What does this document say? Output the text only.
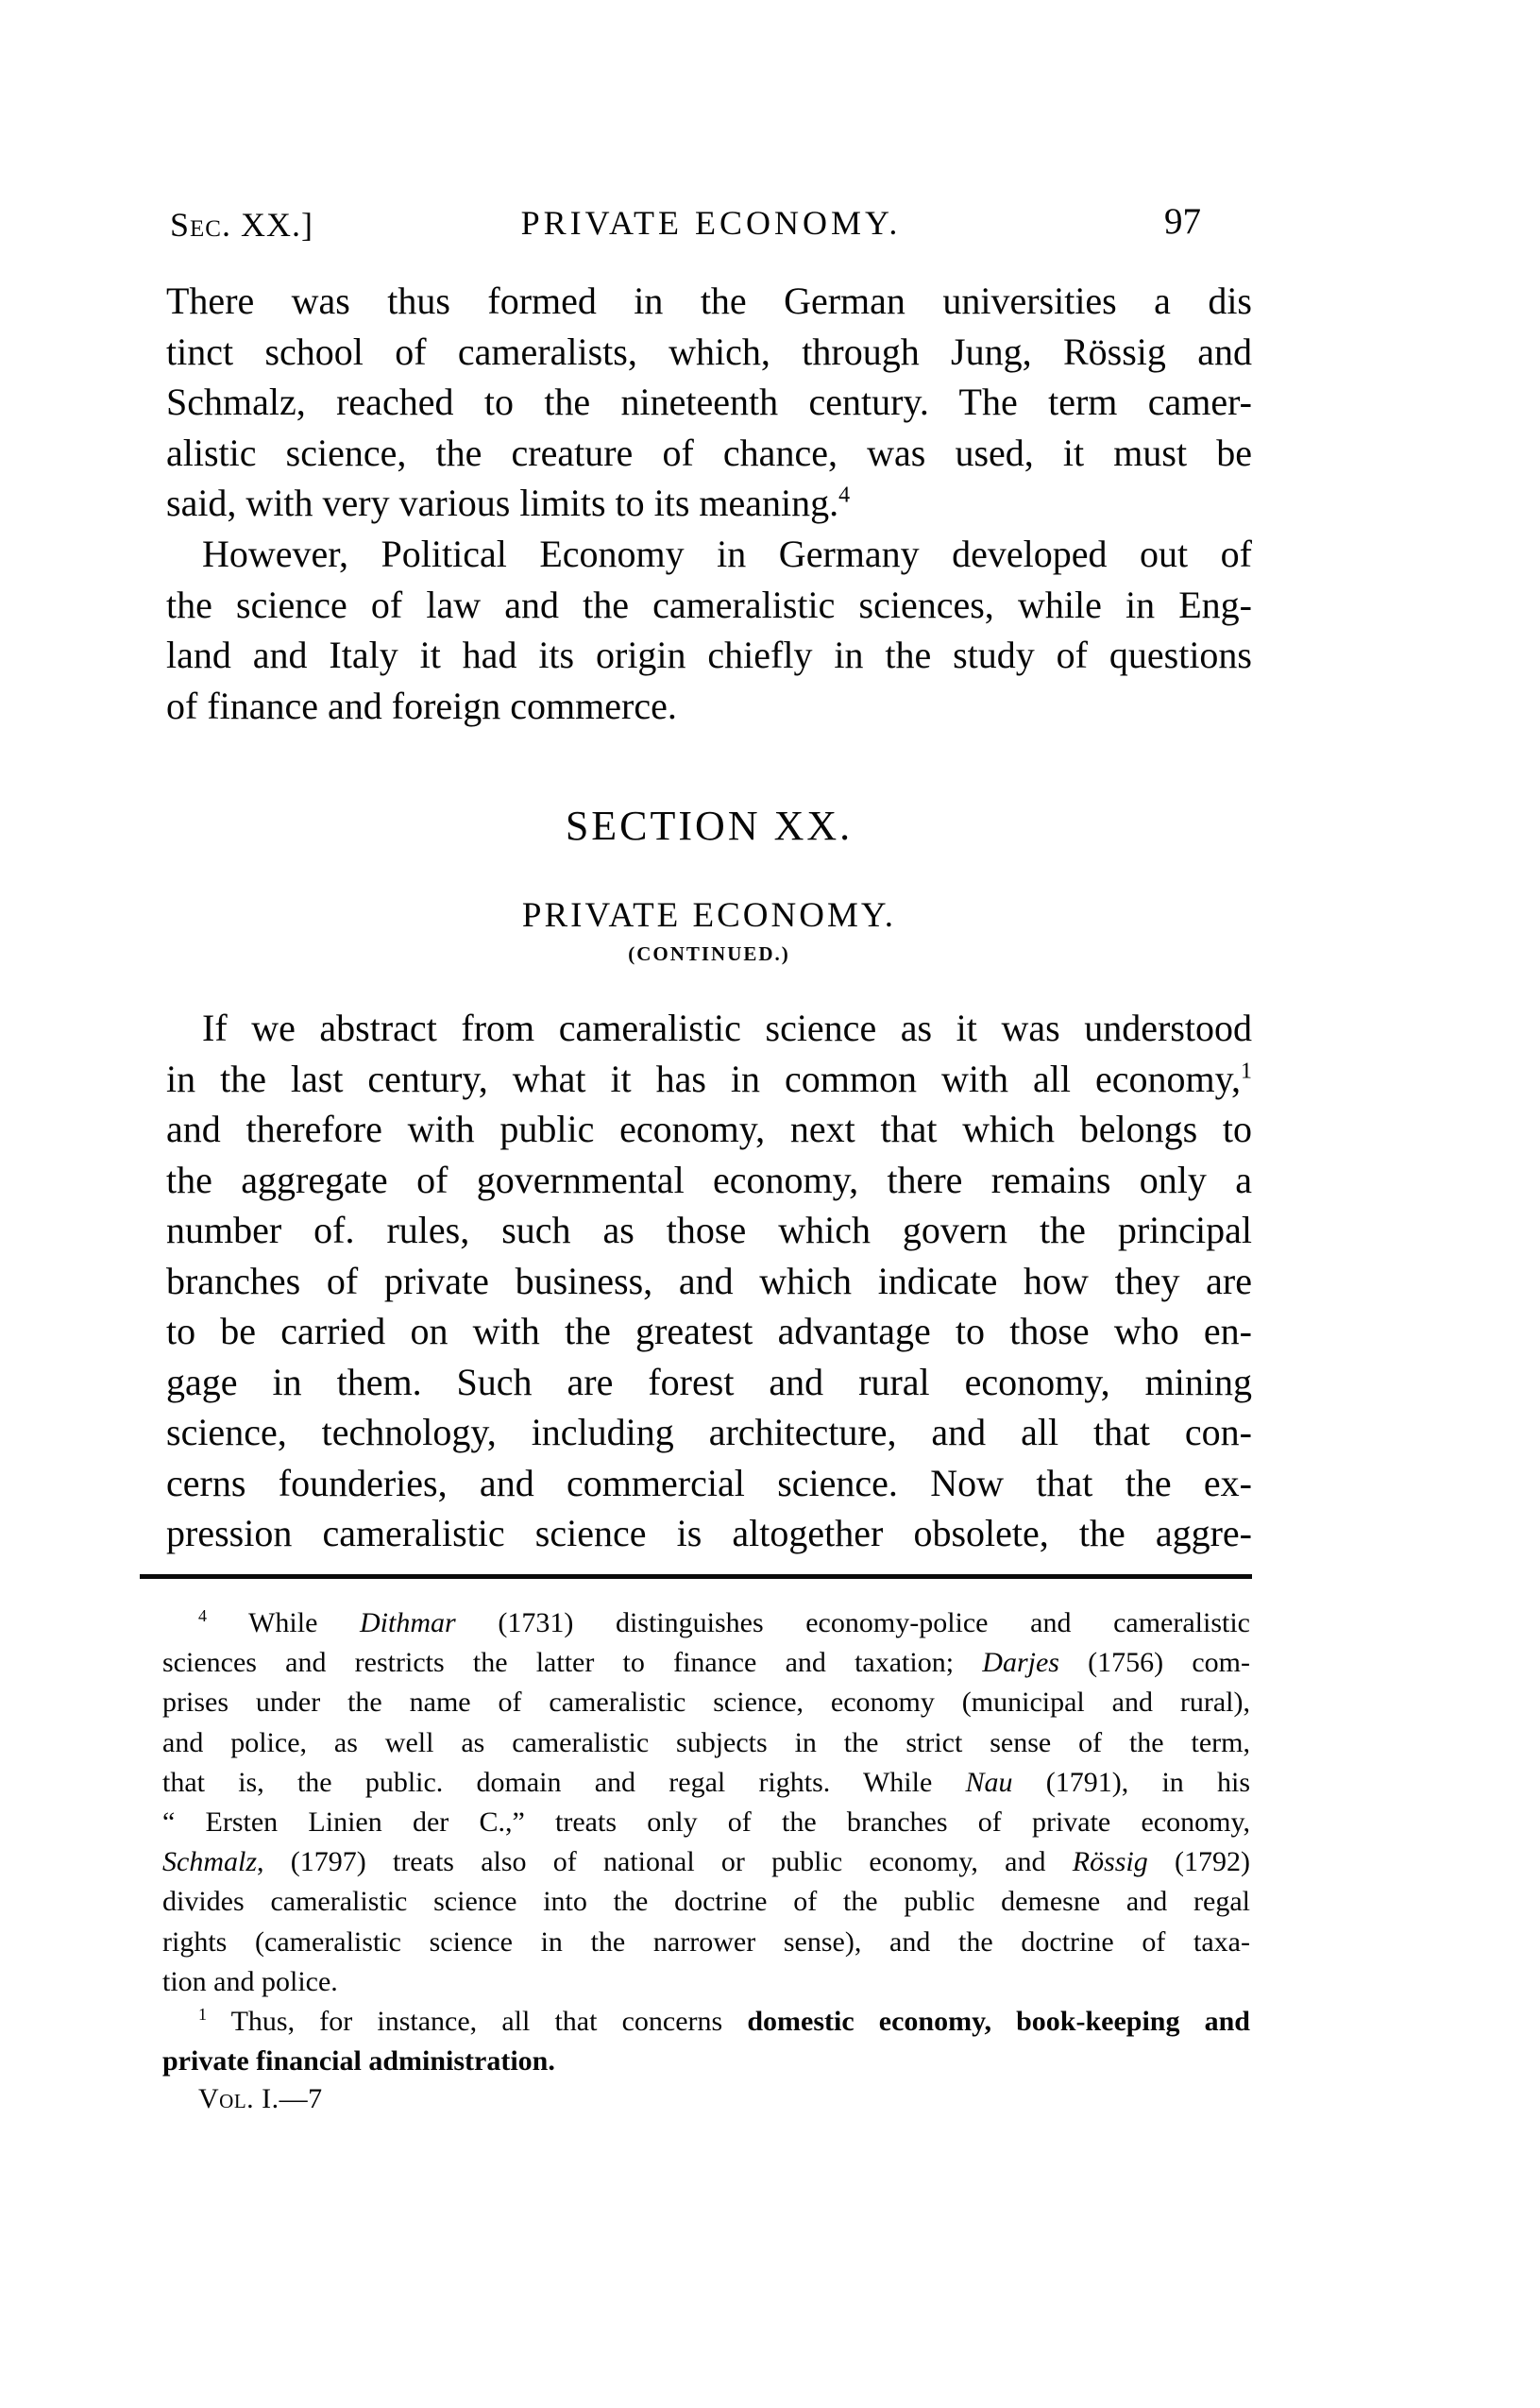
Sec. XX.]	PRIVATE ECONOMY.	97
There was thus formed in the German universities a dis
tinct school of cameralists, which, through Jung, Rössig and
Schmalz, reached to the nineteenth century. The term camer-
alistic science, the creature of chance, was used, it must be
said, with very various limits to its meaning.$^4$
However, Political Economy in Germany developed out of
the science of law and the cameralistic sciences, while in Eng-
land and Italy it had its origin chiefly in the study of questions
of finance and foreign commerce.
SECTION XX.
PRIVATE ECONOMY.
(CONTINUED.)
If we abstract from cameralistic science as it was understood
in the last century, what it has in common with all economy,$^1$
and therefore with public economy, next that which belongs to
the aggregate of governmental economy, there remains only a
number of. rules, such as those which govern the principal
branches of private business, and which indicate how they are
to be carried on with the greatest advantage to those who en-
gage in them. Such are forest and rural economy, mining
science, technology, including architecture, and all that con-
cerns founderies, and commercial science. Now that the ex-
pression cameralistic science is altogether obsolete, the aggre-
$^4$ While Dithmar (1731) distinguishes economy-police and cameralistic
sciences and restricts the latter to finance and taxation; Darjes (1756) com-
prises under the name of cameralistic science, economy (municipal and rural),
and police, as well as cameralistic subjects in the strict sense of the term,
that is, the public. domain and regal rights. While Nau (1791), in his
“ Ersten Linien der C.,” treats only of the branches of private economy,
Schmalz, (1797) treats also of national or public economy, and Rössig (1792)
divides cameralistic science into the doctrine of the public demesne and regal
rights (cameralistic science in the narrower sense), and the doctrine of taxa-
tion and police.
$^1$ Thus, for instance, all that concerns domestic economy, book-keeping and
private financial administration.
Vol. I.—7
